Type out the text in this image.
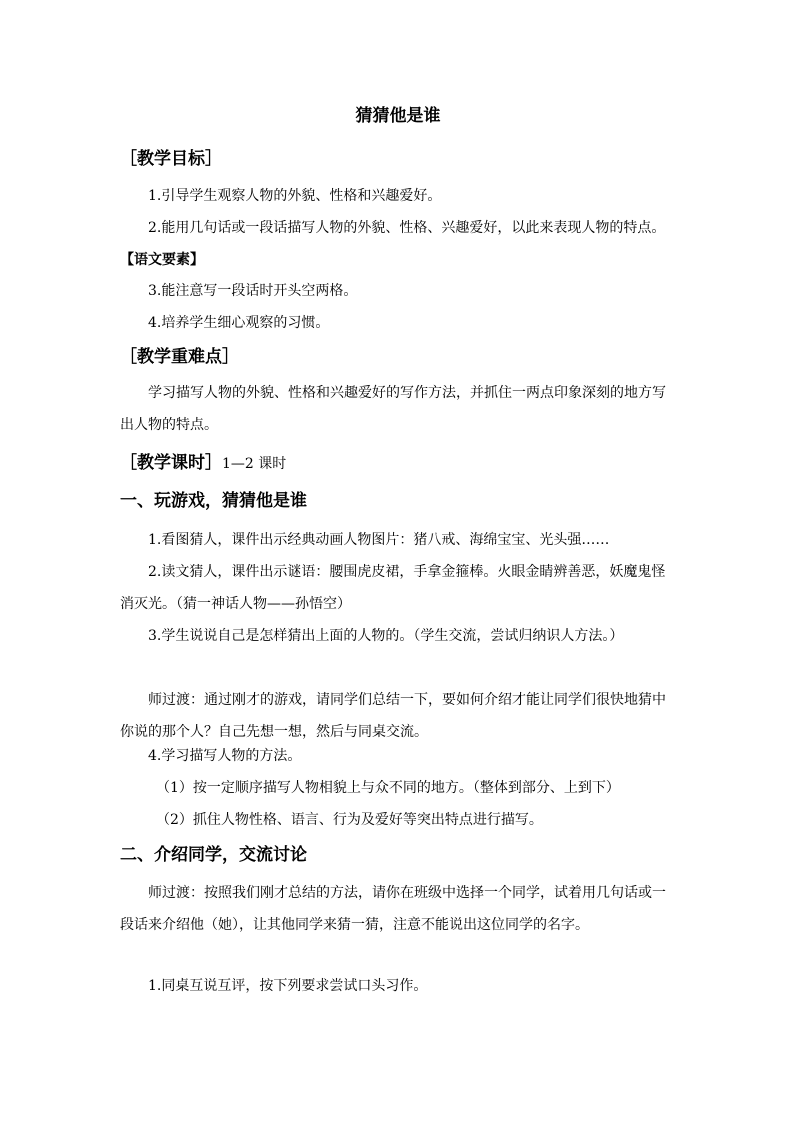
猜猜他是谁
［教学目标］
1.引导学生观察人物的外貌、性格和兴趣爱好。
2.能用几句话或一段话描写人物的外貌、性格、兴趣爱好，以此来表现人物的特点。【语文要素】
3.能注意写一段话时开头空两格。
4.培养学生细心观察的习惯。
［教学重难点］
学习描写人物的外貌、性格和兴趣爱好的写作方法，并抓住一两点印象深刻的地方写出人物的特点。
［教学课时］1—2 课时
一、玩游戏，猜猜他是谁
1.看图猜人，课件出示经典动画人物图片：猪八戒、海绵宝宝、光头强……
2.读文猜人，课件出示谜语：腰围虎皮裙，手拿金箍棒。火眼金睛辨善恶，妖魔鬼怪消灭光。（猜一神话人物——孙悟空）
3.学生说说自己是怎样猜出上面的人物的。（学生交流，尝试归纳识人方法。）
师过渡：通过刚才的游戏，请同学们总结一下，要如何介绍才能让同学们很快地猜中你说的那个人？自己先想一想，然后与同桌交流。
4.学习描写人物的方法。
（1）按一定顺序描写人物相貌上与众不同的地方。（整体到部分、上到下）
（2）抓住人物性格、语言、行为及爱好等突出特点进行描写。
二、介绍同学，交流讨论
师过渡：按照我们刚才总结的方法，请你在班级中选择一个同学，试着用几句话或一段话来介绍他（她），让其他同学来猜一猜，注意不能说出这位同学的名字。
1.同桌互说互评，按下列要求尝试口头习作。
